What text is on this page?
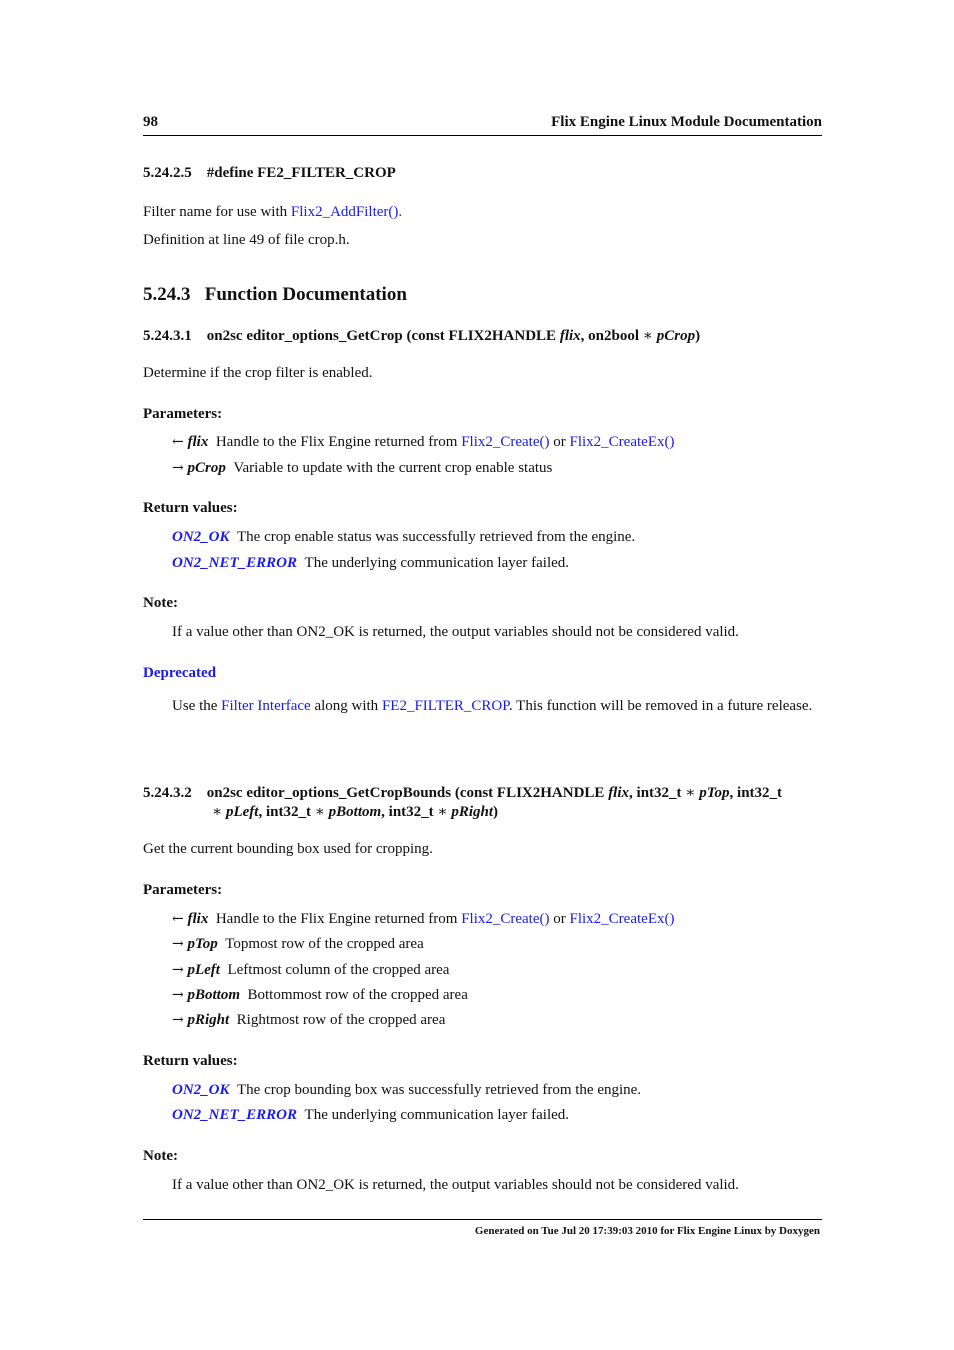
98	Flix Engine Linux Module Documentation
5.24.2.5 #define FE2_FILTER_CROP
Filter name for use with Flix2_AddFilter().
Definition at line 49 of file crop.h.
5.24.3 Function Documentation
5.24.3.1 on2sc editor_options_GetCrop (const FLIX2HANDLE flix, on2bool ∗ pCrop)
Determine if the crop filter is enabled.
Parameters:
← flix Handle to the Flix Engine returned from Flix2_Create() or Flix2_CreateEx()
→ pCrop Variable to update with the current crop enable status
Return values:
ON2_OK The crop enable status was successfully retrieved from the engine.
ON2_NET_ERROR The underlying communication layer failed.
Note:
If a value other than ON2_OK is returned, the output variables should not be considered valid.
Deprecated
Use the Filter Interface along with FE2_FILTER_CROP. This function will be removed in a future release.
5.24.3.2 on2sc editor_options_GetCropBounds (const FLIX2HANDLE flix, int32_t ∗ pTop, int32_t
∗ pLeft, int32_t ∗ pBottom, int32_t ∗ pRight)
Get the current bounding box used for cropping.
Parameters:
← flix Handle to the Flix Engine returned from Flix2_Create() or Flix2_CreateEx()
→ pTop Topmost row of the cropped area
→ pLeft Leftmost column of the cropped area
→ pBottom Bottommost row of the cropped area
→ pRight Rightmost row of the cropped area
Return values:
ON2_OK The crop bounding box was successfully retrieved from the engine.
ON2_NET_ERROR The underlying communication layer failed.
Note:
If a value other than ON2_OK is returned, the output variables should not be considered valid.
Generated on Tue Jul 20 17:39:03 2010 for Flix Engine Linux by Doxygen
